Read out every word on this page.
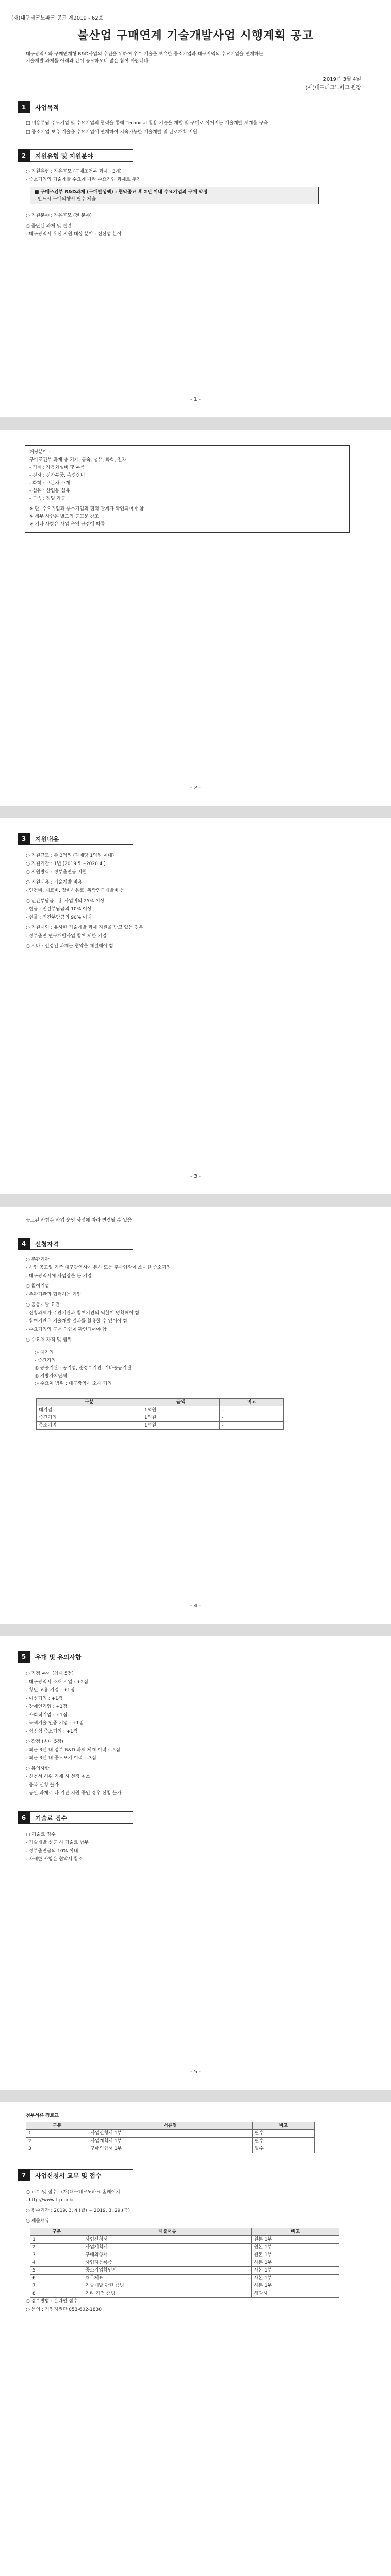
(재)대구테크노파크 공고 제2019 - 62호
불산업 구매연계 기술개발사업 시행계획 공고
대구광역시와 구매연계형 R&D사업의 추진을 위하여 우수 기술을 보유한 중소기업과 대구지역의 수요기업을 연계하는
기술개발 과제를 아래와 같이 공모하오니 많은 참여 바랍니다.
2019년 3월 4일
(재)대구테크노파크 원장
1	사업목적
□ 비용부담 주도기업 및 수요기업의 협력을 통해 Technical 활용 기술을 개발 및 구매로 이어지는 기술개발 체계를 구축
□ 중소기업 보유 기술을 수요기업에 연계하여 지속가능한 기술개발 및 판로개척 지원
2	지원유형 및 지원분야
○ 지원유형 : 자유공모 (구매조건부 과제 : 3개)
- 중소기업의 기술개발 수요에 따라 수요기업 과제로 추진
■ 구매조건부 R&D과제 (구매발생액) : 협약종료 후 2년 이내 수요기업의 구매 약정
- 반드시 구매의향서 필수 제출
○ 지원분야 : 자유공모 (전 분야)
○ 중단된 과제 및 관련
- 대구광역시 우선 지원 대상 분야 : 신산업 분야
- 1 -
해당분야 :
구매조건부 과제 중 기계, 금속, 섬유, 화학, 전자
- 기계 : 자동화설비 및 부품
- 전자 : 전자부품, 측정장비
- 화학 : 고분자 소재
- 섬유 : 산업용 섬유
- 금속 : 정밀 가공
※ 단, 수요기업과 중소기업의 협력 관계가 확인되어야 함
※ 세부 사항은 별도의 공고문 참조
※ 기타 사항은 사업 운영 규정에 따름
- 2 -
3	지원내용
○ 지원규모 : 총 3억원 (과제당 1억원 이내)
○ 지원기간 : 1년 (2019.5.~2020.4.)
○ 지원방식 : 정부출연금 지원
○ 지원내용 : 기술개발 비용
- 인건비, 재료비, 장비사용료, 위탁연구개발비 등
○ 민간부담금 : 총 사업비의 25% 이상
- 현금 : 민간부담금의 10% 이상
- 현물 : 민간부담금의 90% 이내
○ 지원제외 : 유사한 기술개발 과제 지원을 받고 있는 경우
- 정부출연 연구개발사업 참여 제한 기업
○ 기타 : 선정된 과제는 협약을 체결해야 함
- 3 -
공고된 사항은 사업 운영 사정에 따라 변경될 수 있음
4	신청자격
○ 주관기관
- 사업 공고일 기준 대구광역시에 본사 또는 주사업장이 소재한 중소기업
- 대구광역시에 사업장을 둔 기업
○ 참여기업
- 주관기관과 협력하는 기업
○ 공동개발 요건
- 신청과제가 주관기관과 참여기관의 역할이 명확해야 함
- 참여기관은 기술개발 결과를 활용할 수 있어야 함
- 수요기업의 구매 의향이 확인되어야 함
○ 수요처 자격 및 범위
◎ 대기업
- 중견기업
◎ 공공기관 : 공기업, 준정부기관, 기타공공기관
◎ 지방자치단체
◎ 수요처 범위 : 대구광역시 소재 기업
구분	금액	비고
대기업	1억원	-
중견기업	1억원	-
중소기업	1억원	-
- 4 -
5	우대 및 유의사항
○ 가점 부여 (최대 5점)
- 대구광역시 소재 기업 : +2점
- 청년 고용 기업 : +1점
- 여성기업 : +1점
- 장애인기업 : +1점
- 사회적기업 : +1점
- 녹색기술 인증 기업 : +1점
- 혁신형 중소기업 : +1점
○ 감점 (최대 5점)
- 최근 3년 내 정부 R&D 과제 제재 이력 : -5점
- 최근 3년 내 중도포기 이력 : -3점
○ 유의사항
- 신청서 허위 기재 시 선정 취소
- 중복 신청 불가
- 동일 과제로 타 기관 지원 중인 경우 신청 불가
6	기술료 징수
□ 기술료 징수
- 기술개발 성공 시 기술료 납부
- 정부출연금의 10% 이내
- 자세한 사항은 협약서 참조
- 5 -
첨부서류 검토표
구분	서류명	비고
1	사업신청서 1부	필수
2	사업계획서 1부	필수
3	구매의향서 1부	필수
7	사업신청서 교부 및 접수
○ 교부 및 접수 : (재)대구테크노파크 홈페이지
- http://www.ttp.or.kr
○ 접수기간 : 2019. 3. 4.(월) ~ 2019. 3. 29.(금)
○ 제출서류
구분	제출서류	비고
1	사업신청서	원본 1부
2	사업계획서	원본 1부
3	구매의향서	원본 1부
4	사업자등록증	사본 1부
5	중소기업확인서	사본 1부
6	재무제표	사본 1부
7	기술개발 관련 증빙	사본 1부
8	기타 가점 증빙	해당시
○ 접수방법 : 온라인 접수
○ 문의 : 기업지원단 053-602-1830
